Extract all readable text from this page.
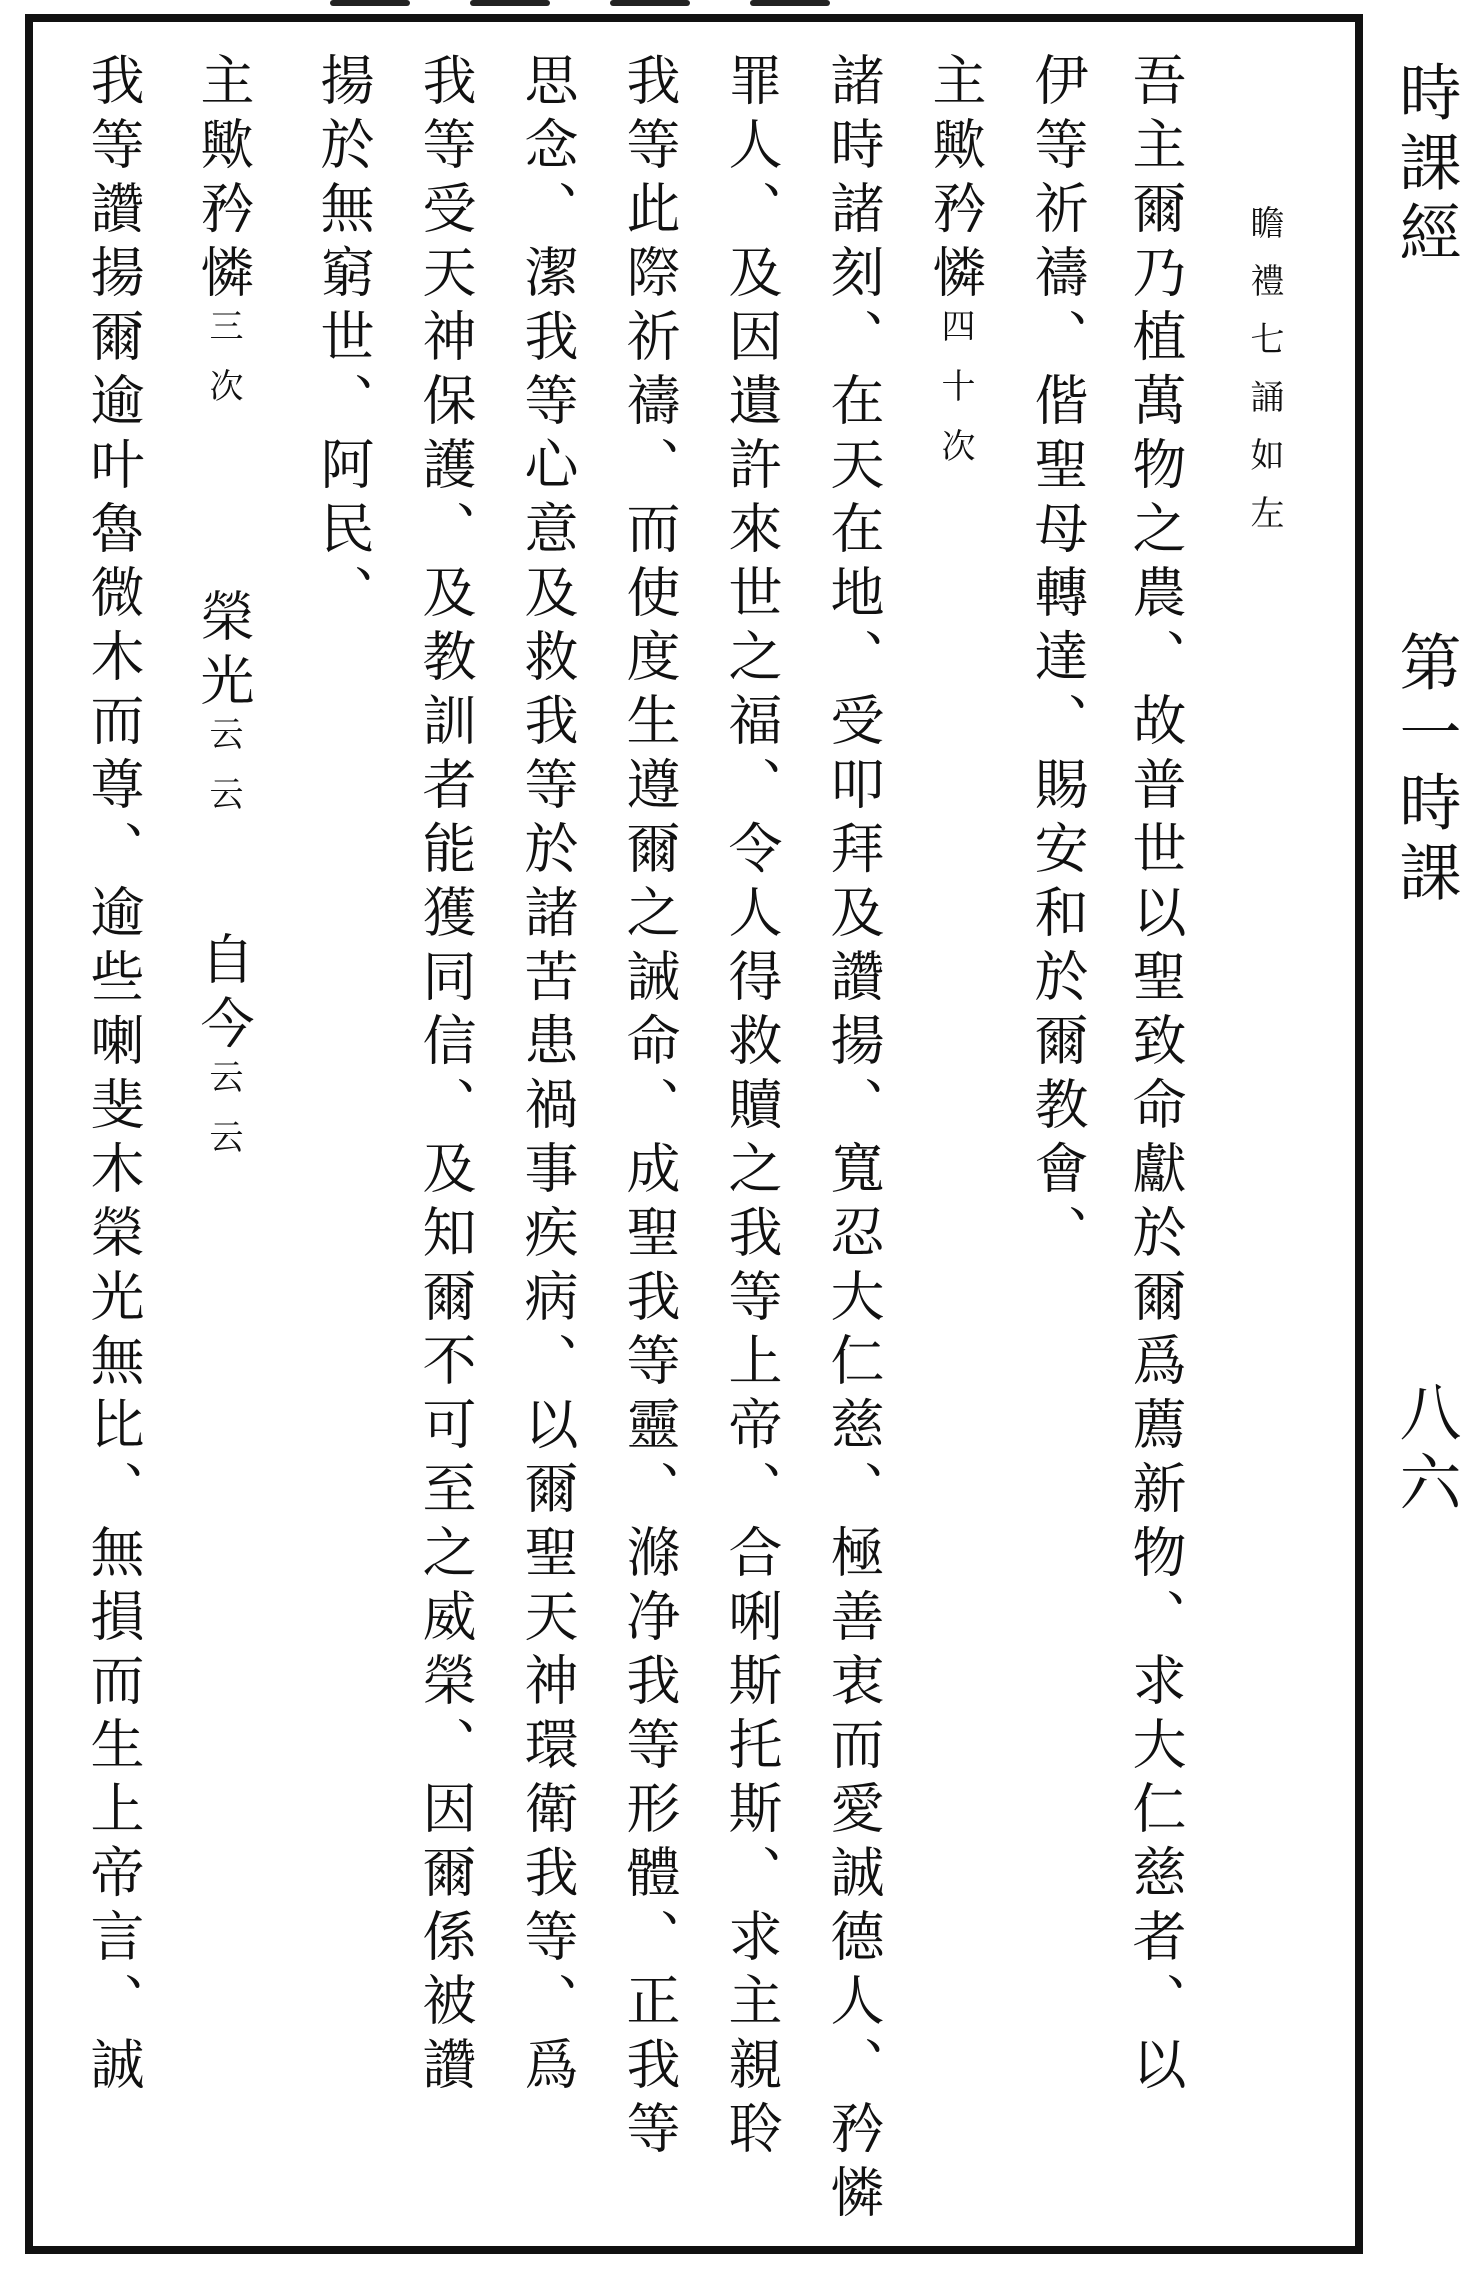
吾主爾乃植萬物之農、故普世以聖致命獻於爾爲薦新物、求大仁慈者、以 瞻禮七誦如左
伊等祈禱、偕聖母轉達、賜安和於爾教會、
主歟矜憐四十次
諸時諸刻、在天在地、受叩拜及讚揚、寬忍大仁慈、極善衷而愛誠德人、矜憐
罪人、及因遺許來世之福、令人得救贖之我等上帝、合唎斯托斯、求主親聆
我等此際祈禱、而使度生遵爾之誡命、成聖我等靈、滌净我等形體、正我等
思念、潔我等心意及救我等於諸苦患禍事疾病、以爾聖天神環衛我等、爲
我等受天神保護、及教訓者能獲同信、及知爾不可至之威榮、因爾係被讚
揚於無窮世、阿民、
主歟矜憐三次榮光云云自今云云
我等讚揚爾逾叶魯微木而尊、逾些喇斐木榮光無比、無損而生上帝言、誠	時課經
第一時課
八六
